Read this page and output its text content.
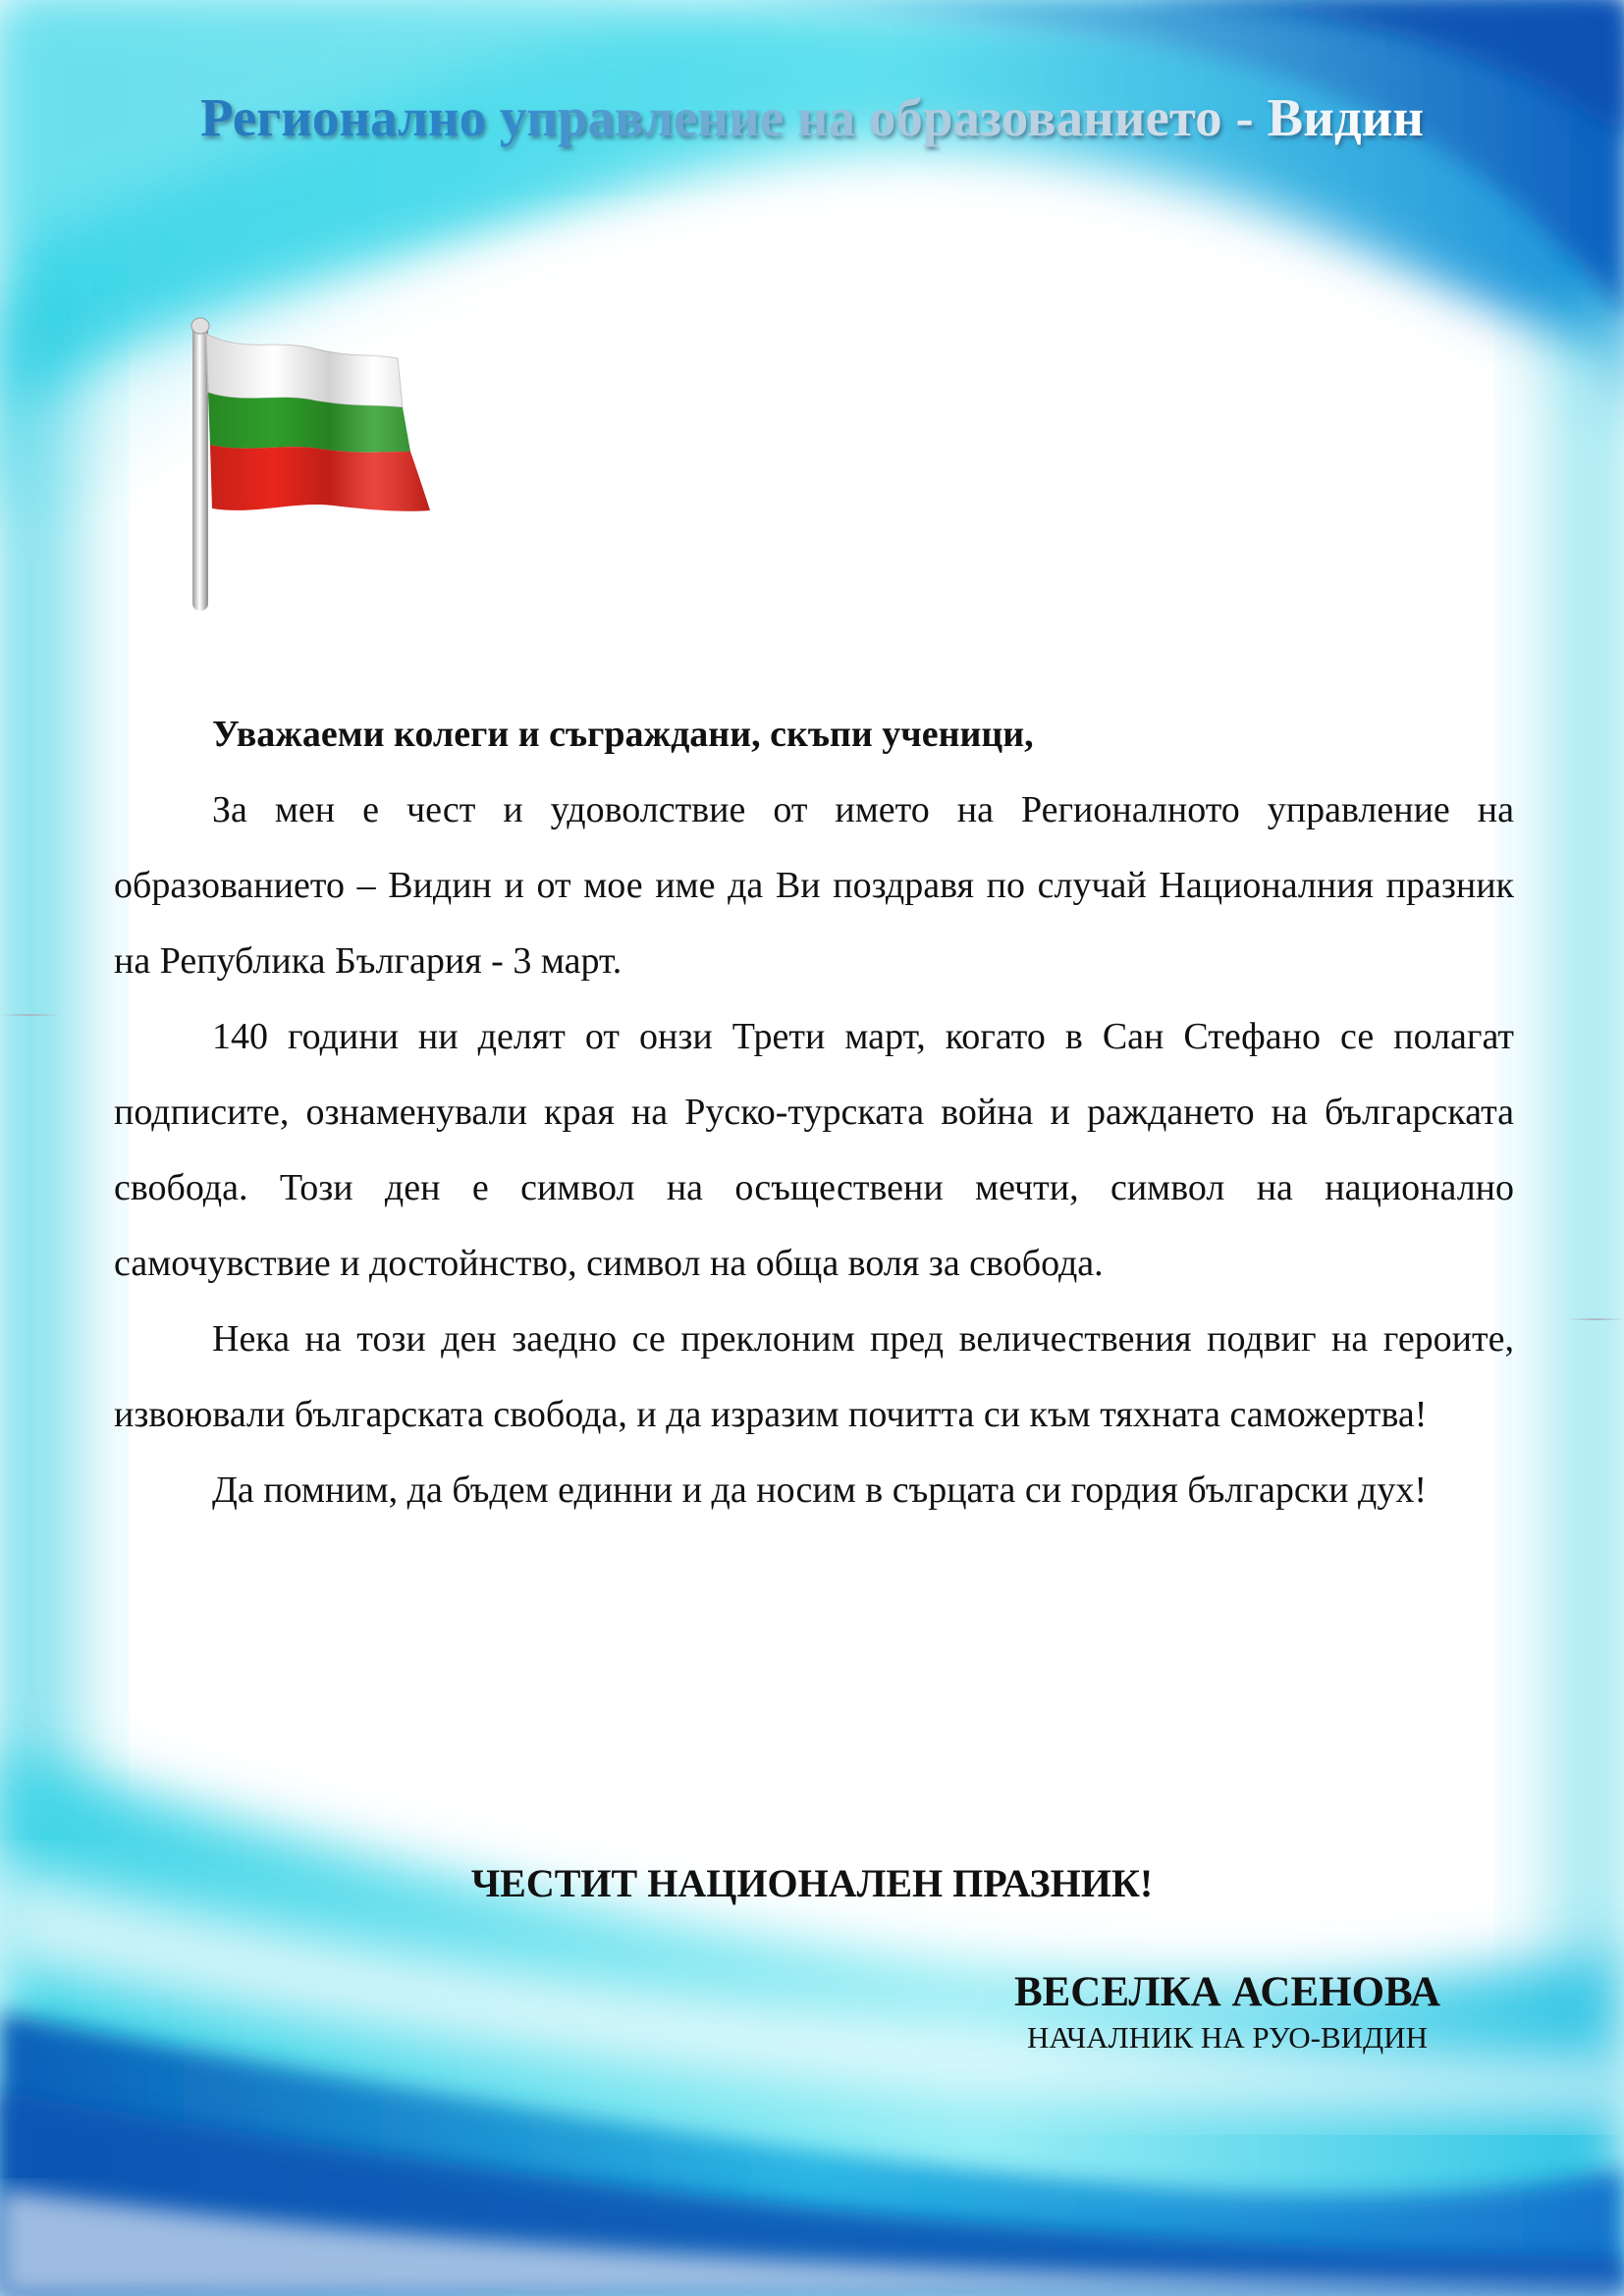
Регионално управление на образованието - Видин

Уважаеми колеги и съграждани, скъпи ученици,

За мен е чест и удоволствие от името на Регионалното управление на образованието – Видин и от мое име да Ви поздравя по случай Националния празник на Република България - 3 март.

140 години ни делят от онзи Трети март, когато в Сан Стефано се полагат подписите, ознаменували края на Руско-турската война и раждането на българската свобода. Този ден е символ на осъществени мечти, символ на национално самочувствие и достойнство, символ на обща воля за свобода.

Нека на този ден заедно се преклоним пред величествения подвиг на героите, извоювали българската свобода, и да изразим почитта си към тяхната саможертва!

Да помним, да бъдем единни и да носим в сърцата си гордия български дух!

ЧЕСТИТ НАЦИОНАЛЕН ПРАЗНИК!
ВЕСЕЛКА АСЕНОВА
НАЧАЛНИК НА РУО-ВИДИН
